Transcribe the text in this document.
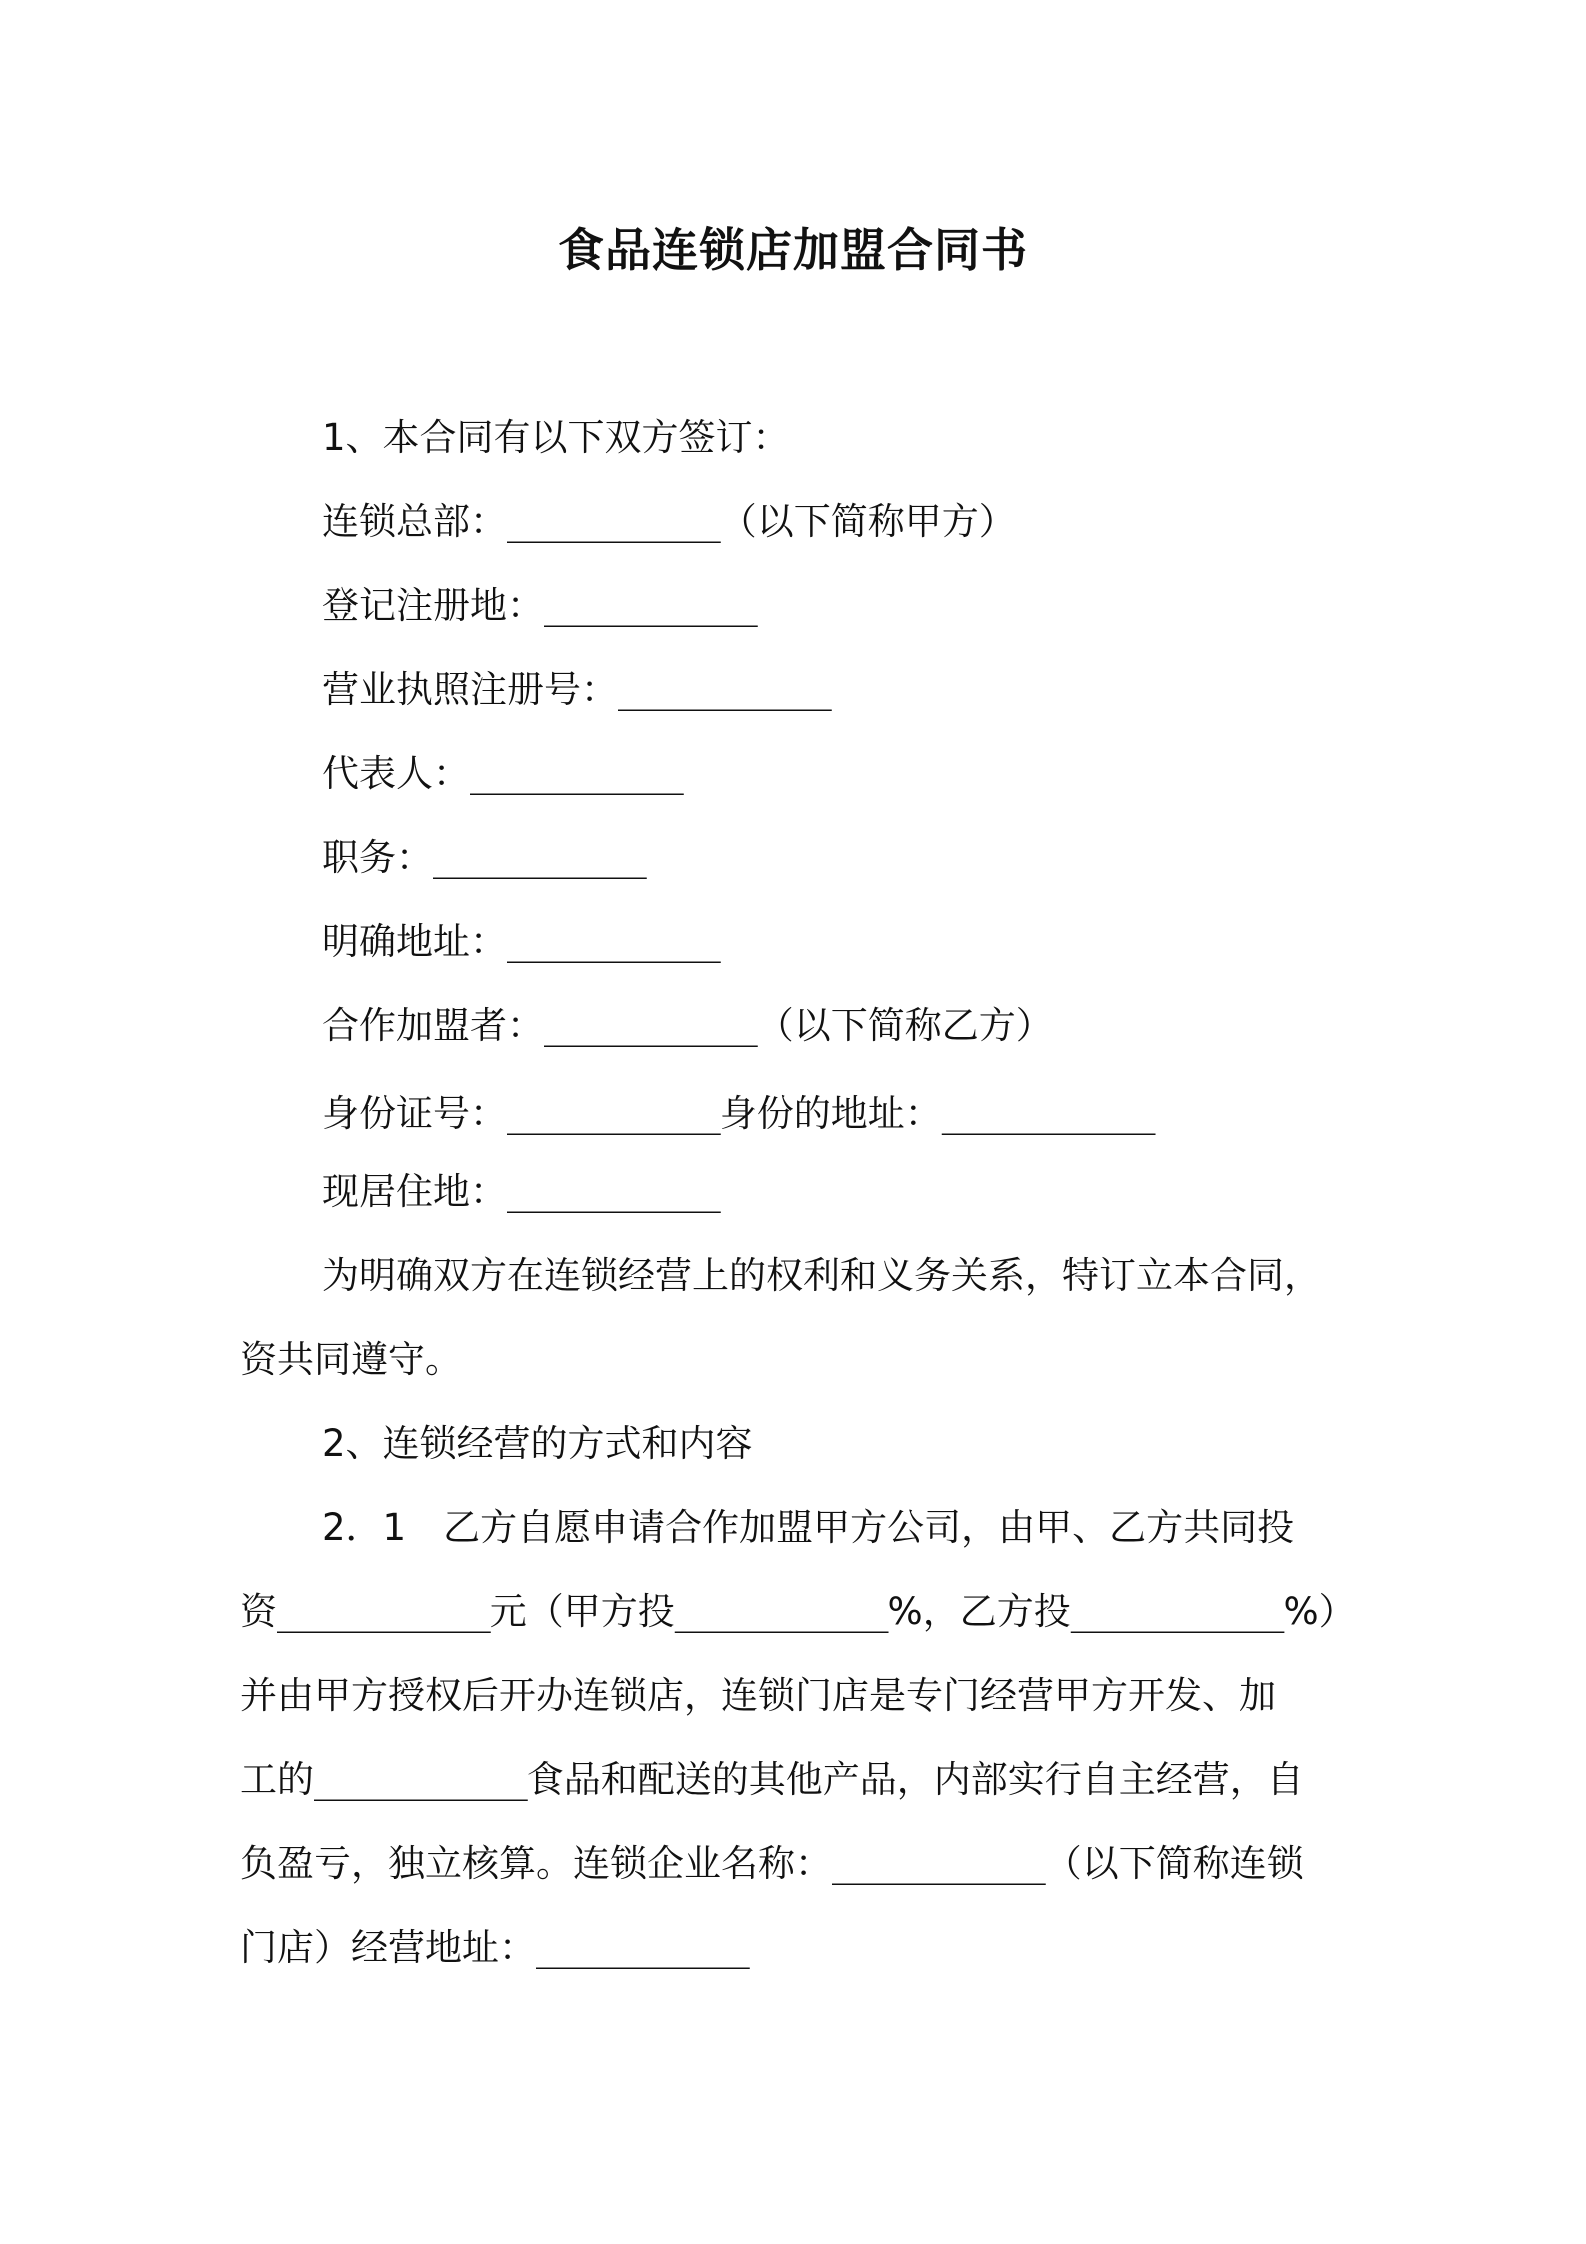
食品连锁店加盟合同书

1、本合同有以下双方签订：

连锁总部：__________（以下简称甲方）

登记注册地：__________

营业执照注册号：__________

代表人：__________

职务：__________

明确地址：__________

合作加盟者：__________（以下简称乙方）

身份证号：__________身份的地址：__________

现居住地：__________

为明确双方在连锁经营上的权利和义务关系，特订立本合同，

资共同遵守。

2、连锁经营的方式和内容

2．1　乙方自愿申请合作加盟甲方公司，由甲、乙方共同投

资__________元（甲方投__________%，乙方投__________%）

并由甲方授权后开办连锁店，连锁门店是专门经营甲方开发、加

工的__________食品和配送的其他产品，内部实行自主经营，自

负盈亏，独立核算。连锁企业名称：__________（以下简称连锁

门店）经营地址：__________
